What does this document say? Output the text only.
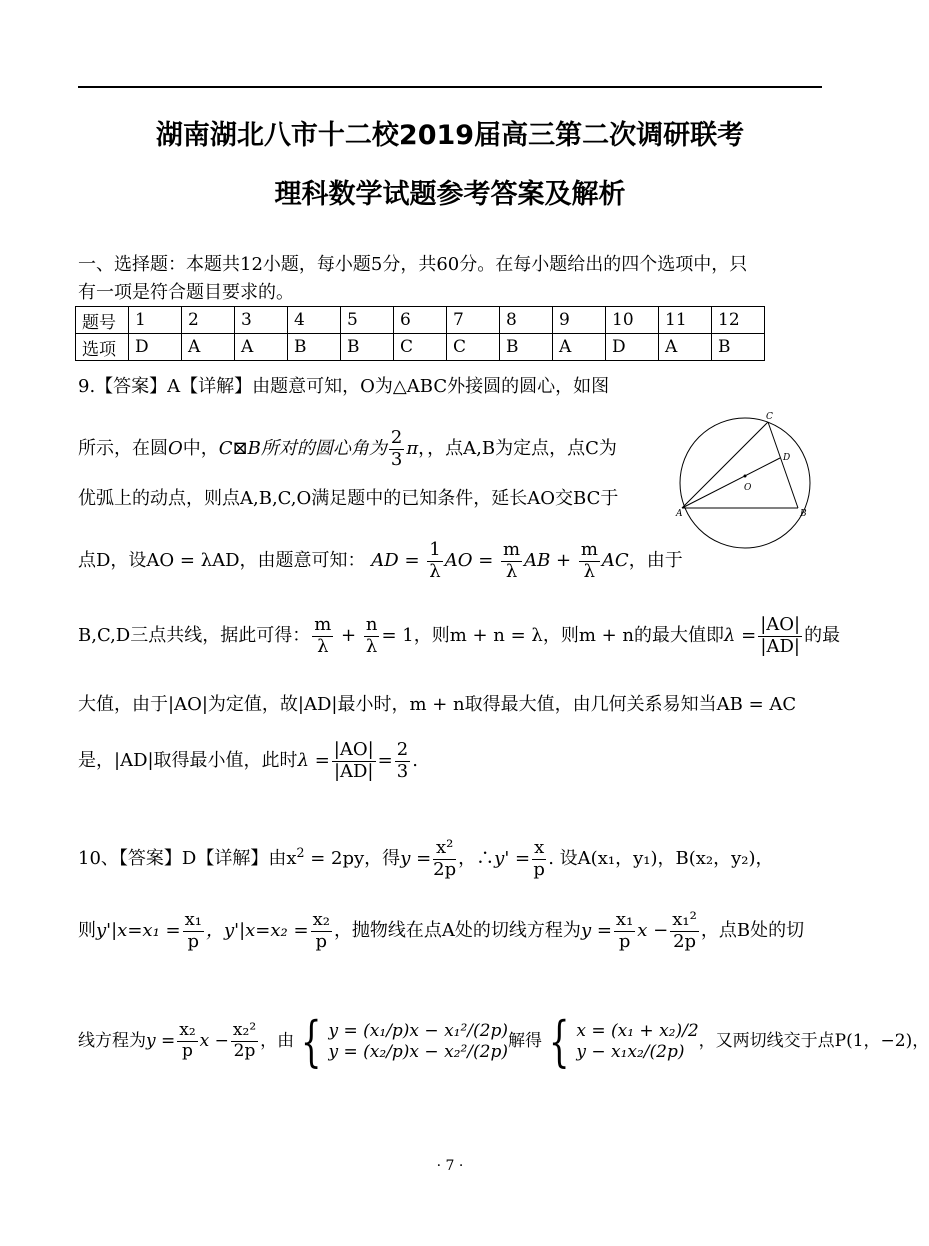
湖南湖北八市十二校2019届高三第二次调研联考
理科数学试题参考答案及解析
一、选择题：本题共12小题，每小题5分，共60分。在每小题给出的四个选项中，只
有一项是符合题目要求的。
题号	1	2	3	4	5	6	7	8	9	10	11	12
选项	D	A	A	B	B	C	C	B	A	D	A	B
9.【答案】A【详解】由题意可知，O为△ABC外接圆的圆心，如图
所示，在圆O中，C⊠B所对的圆心角为 $\frac{2}{3}$ π，，点A,B为定点，点C为
优弧上的动点，则点A,B,C,O满足题中的已知条件，延长AO交BC于
点D，设AO = λAD，由题意可知： AD = $\frac{1}{\lambda}$ AO = $\frac{m}{\lambda}$ AB + $\frac{m}{\lambda}$ AC，由于
B,C,D三点共线，据此可得： $\frac{m}{\lambda} + \frac{n}{\lambda} = 1$，则m + n = λ，则m + n的最大值即$\lambda = \frac{|AO|}{|AD|}$ 的最
大值，由于|AO|为定值，故|AD|最小时，m + n取得最大值，由几何关系易知当AB = AC
是，|AD|取得最小值，此时$\lambda = \frac{|AO|}{|AD|} = \frac{2}{3}$ .
A	B
C
D
O
10、【答案】D【详解】由$x^2 = 2py$，得$y = \frac{\text{x²}}{2p}$ ，∴y' = $\frac{x}{p}$ . 设A(x₁，y₁)，B(x₂，y₂)，
则$y'|x=x_1 = \frac{\text{x₁}}{p}$ ，$y'|x=x_2 = \frac{\text{x₂}}{p}$ ，抛物线在点A处的切线方程为$y = \frac{\text{x₁}}{p}$ $x - \frac{\text{x₁²}}{2p}$ ，点B处的切
线方程为$y = \frac{\text{x₂}}{p}$ $x - \frac{\text{x₂²}}{2p}$ ，由 { y = (x₁/p)x − x₁²/(2p)
y = (x₂/p)x − x₂²/(2p)解得 { x = (x₁ + x₂)/2
y − x₁x₂/(2p)，又两切线交于点P(1，−2)，
· 7 ·
